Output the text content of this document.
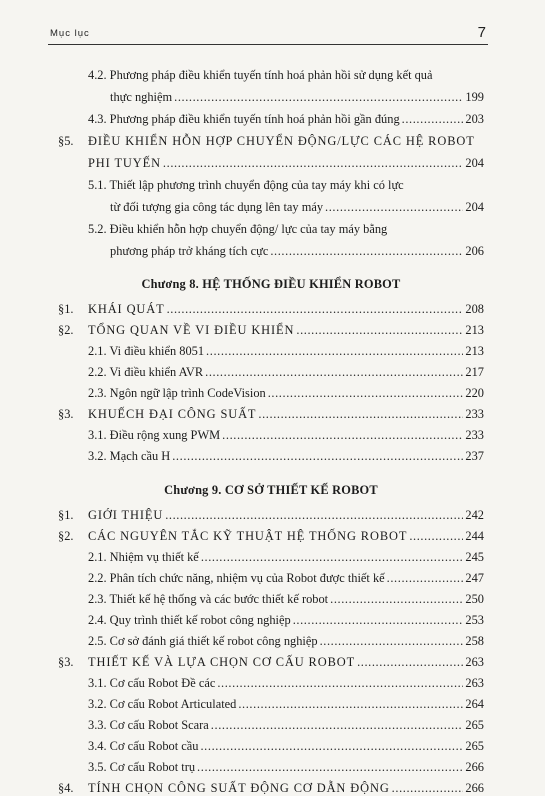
Mục lục	7
4.2. Phương pháp điều khiển tuyến tính hoá phản hồi sử dụng kết quả
thực nghiệm .....	199
4.3. Phương pháp điều khiển tuyến tính hoá phản hồi gần đúng .....	203
§5.	ĐIỀU KHIỂN HỖN HỢP CHUYỂN ĐỘNG/LỰC CÁC HỆ ROBOT
PHI TUYẾN .....	204
5.1. Thiết lập phương trình chuyển động của tay máy khi có lực
từ đối tượng gia công tác dụng lên tay máy .....	204
5.2. Điều khiển hỗn hợp chuyển động/ lực của tay máy bằng
phương pháp trở kháng tích cực .....	206
Chương 8. HỆ THỐNG ĐIỀU KHIỂN ROBOT
§1.	KHÁI QUÁT .....	208
§2.	TỔNG QUAN VỀ VI ĐIỀU KHIỂN .....	213
2.1. Vi điều khiển 8051 .....	213
2.2. Vi điều khiển AVR .....	217
2.3. Ngôn ngữ lập trình CodeVision .....	220
§3.	KHUẾCH ĐẠI CÔNG SUẤT .....	233
3.1. Điều rộng xung PWM .....	233
3.2. Mạch cầu H .....	237
Chương 9. CƠ SỞ THIẾT KẾ ROBOT
§1.	GIỚI THIỆU .....	242
§2.	CÁC NGUYÊN TẮC KỸ THUẬT HỆ THỐNG ROBOT .....	244
2.1. Nhiệm vụ thiết kế .....	245
2.2. Phân tích chức năng, nhiệm vụ của Robot được thiết kế .....	247
2.3. Thiết kế hệ thống và các bước thiết kế robot .....	250
2.4. Quy trình thiết kế robot công nghiệp .....	253
2.5. Cơ sở đánh giá thiết kế robot công nghiệp .....	258
§3.	THIẾT KẾ VÀ LỰA CHỌN CƠ CẤU ROBOT .....	263
3.1. Cơ cấu Robot Đề các .....	263
3.2. Cơ cấu Robot Articulated .....	264
3.3. Cơ cấu Robot Scara .....	265
3.4. Cơ cấu Robot cầu .....	265
3.5. Cơ cấu Robot trụ .....	266
§4.	TÍNH CHỌN CÔNG SUẤT ĐỘNG CƠ DẪN ĐỘNG .....	266
